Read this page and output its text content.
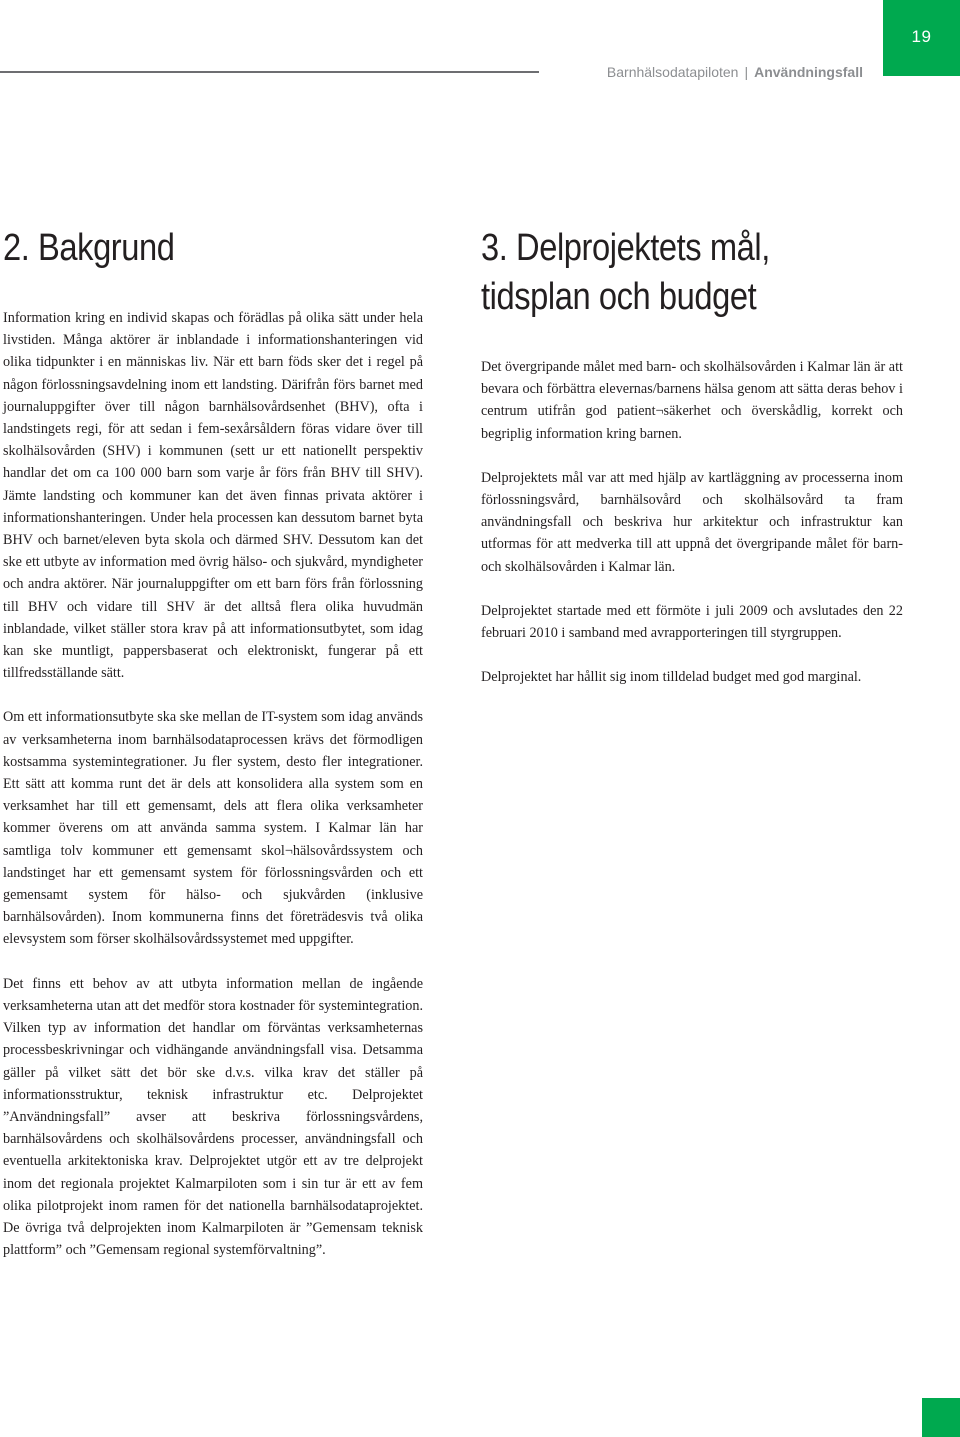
19
Barnhälsodatapiloten | Användningsfall
2. Bakgrund

Information kring en individ skapas och förädlas på olika sätt under hela livstiden. Många aktörer är inblandade i informationshanteringen vid olika tidpunkter i en människas liv. När ett barn föds sker det i regel på någon förlossningsavdelning inom ett landsting. Därifrån förs barnet med journaluppgifter över till någon barnhälsovårdsenhet (BHV), ofta i landstingets regi, för att sedan i fem-sexårsåldern föras vidare över till skolhälsovården (SHV) i kommunen (sett ur ett nationellt perspektiv handlar det om ca 100 000 barn som varje år förs från BHV till SHV). Jämte landsting och kommuner kan det även finnas privata aktörer i informationshanteringen. Under hela processen kan dessutom barnet byta BHV och barnet/eleven byta skola och därmed SHV. Dessutom kan det ske ett utbyte av information med övrig hälso- och sjukvård, myndigheter och andra aktörer. När journaluppgifter om ett barn förs från förlossning till BHV och vidare till SHV är det alltså flera olika huvudmän inblandade, vilket ställer stora krav på att informationsutbytet, som idag kan ske muntligt, pappersbaserat och elektroniskt, fungerar på ett tillfredsställande sätt.

Om ett informationsutbyte ska ske mellan de IT-system som idag används av verksamheterna inom barnhälsodataprocessen krävs det förmodligen kostsamma systemintegrationer. Ju fler system, desto fler integrationer. Ett sätt att komma runt det är dels att konsolidera alla system som en verksamhet har till ett gemensamt, dels att flera olika verksamheter kommer överens om att använda samma system. I Kalmar län har samtliga tolv kommuner ett gemensamt skol¬hälsovårdssystem och landstinget har ett gemensamt system för förlossningsvården och ett gemensamt system för hälso- och sjukvården (inklusive barnhälsovården). Inom kommunerna finns det företrädesvis två olika elevsystem som förser skolhälsovårdssystemet med uppgifter.

Det finns ett behov av att utbyta information mellan de ingående verksamheterna utan att det medför stora kostnader för systemintegration. Vilken typ av information det handlar om förväntas verksamheternas processbeskrivningar och vidhängande användningsfall visa. Detsamma gäller på vilket sätt det bör ske d.v.s. vilka krav det ställer på informationsstruktur, teknisk infrastruktur etc. Delprojektet ”Användningsfall” avser att beskriva förlossningsvårdens, barnhälsovårdens och skolhälsovårdens processer, användningsfall och eventuella arkitektoniska krav. Delprojektet utgör ett av tre delprojekt inom det regionala projektet Kalmarpiloten som i sin tur är ett av fem olika pilotprojekt inom ramen för det nationella barnhälsodataprojektet. De övriga två delprojekten inom Kalmarpiloten är ”Gemensam teknisk plattform” och ”Gemensam regional systemförvaltning”.

3. Delprojektets mål,
tidsplan och budget

Det övergripande målet med barn- och skolhälsovården i Kalmar län är att bevara och förbättra elevernas/barnens hälsa genom att sätta deras behov i centrum utifrån god patient¬säkerhet och överskådlig, korrekt och begriplig information kring barnen.

Delprojektets mål var att med hjälp av kartläggning av processerna inom förlossningsvård, barnhälsovård och skolhälsovård ta fram användningsfall och beskriva hur arkitektur och infrastruktur kan utformas för att medverka till att uppnå det övergripande målet för barn- och skolhälsovården i Kalmar län.

Delprojektet startade med ett förmöte i juli 2009 och avslutades den 22 februari 2010 i samband med avrapporteringen till styrgruppen.

Delprojektet har hållit sig inom tilldelad budget med god marginal.
